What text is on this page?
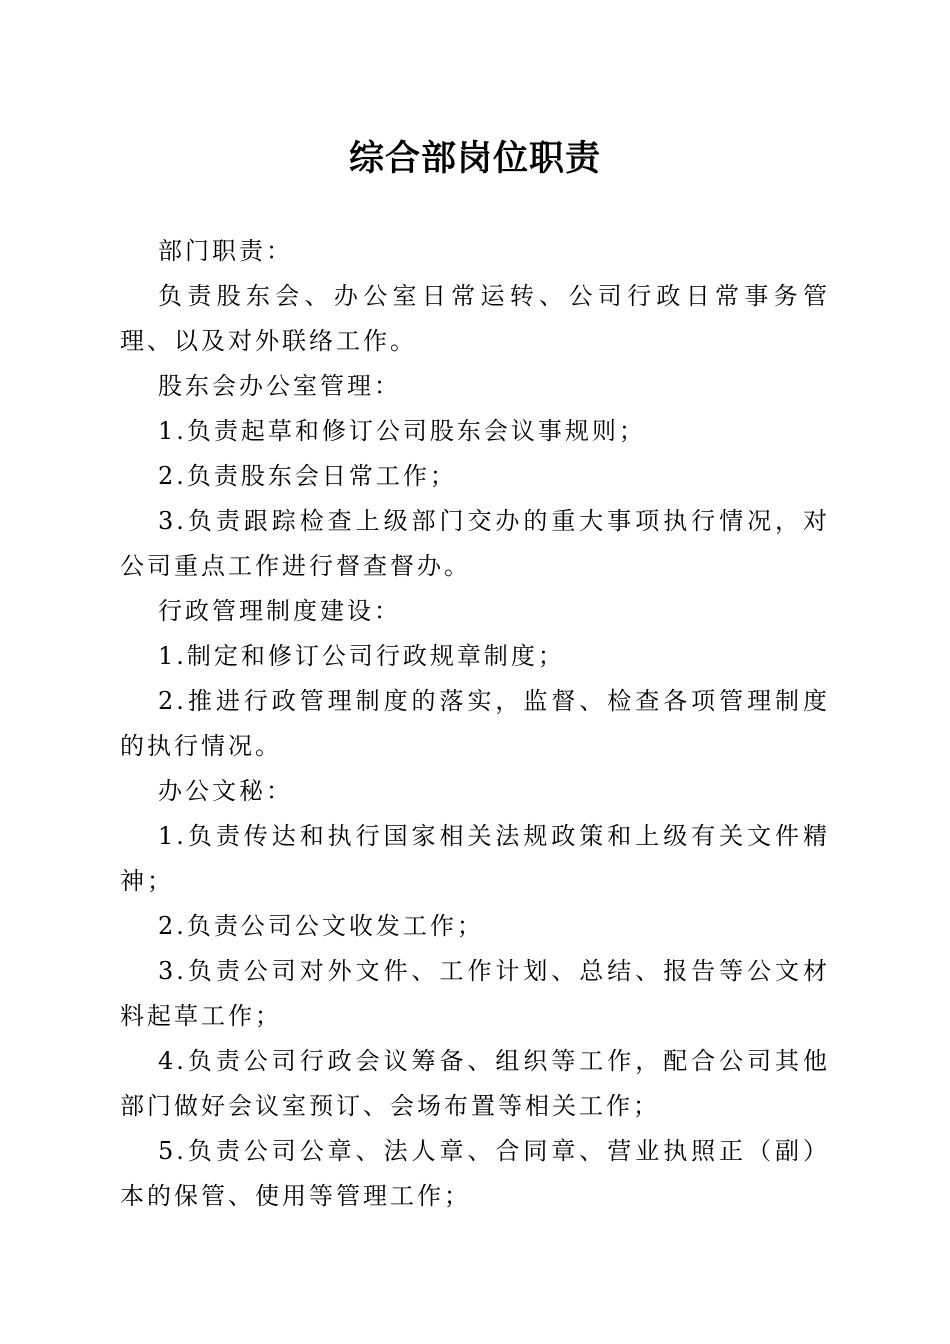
综合部岗位职责

部门职责：

负责股东会、办公室日常运转、公司行政日常事务管理、以及对外联络工作。

股东会办公室管理：

1.负责起草和修订公司股东会议事规则；

2.负责股东会日常工作；

3.负责跟踪检查上级部门交办的重大事项执行情况，对公司重点工作进行督查督办。

行政管理制度建设：

1.制定和修订公司行政规章制度；

2.推进行政管理制度的落实，监督、检查各项管理制度的执行情况。

办公文秘：

1.负责传达和执行国家相关法规政策和上级有关文件精神；

2.负责公司公文收发工作；

3.负责公司对外文件、工作计划、总结、报告等公文材料起草工作；

4.负责公司行政会议筹备、组织等工作，配合公司其他部门做好会议室预订、会场布置等相关工作；

5.负责公司公章、法人章、合同章、营业执照正（副）本的保管、使用等管理工作；
